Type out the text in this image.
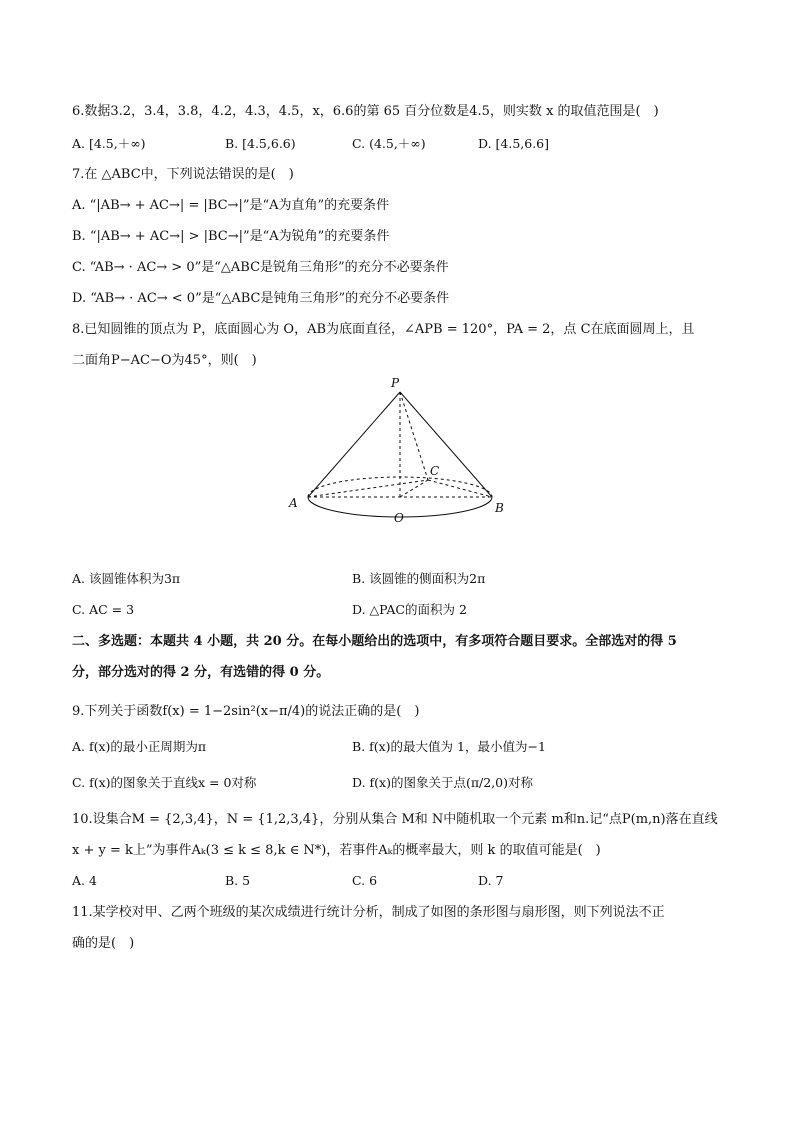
6.数据3.2，3.4，3.8，4.2，4.3，4.5，x，6.6的第 65 百分位数是4.5，则实数 x 的取值范围是(　)
A. [4.5,＋∞)	B. [4.5,6.6)	C. (4.5,＋∞)	D. [4.5,6.6]
7.在 △ABC中，下列说法错误的是(　)
A. “|AB→ + AC→| = |BC→|”是“A为直角”的充要条件
B. “|AB→ + AC→| > |BC→|”是“A为锐角”的充要条件
C. “AB→ · AC→ > 0”是“△ABC是锐角三角形”的充分不必要条件
D. “AB→ · AC→ < 0”是“△ABC是钝角三角形”的充分不必要条件
8.已知圆锥的顶点为 P，底面圆心为 O，AB为底面直径，∠APB = 120°，PA = 2，点 C在底面圆周上，且
二面角P−AC−O为45°，则(　)
P
A	B
C
O
A. 该圆锥体积为3π	B. 该圆锥的侧面积为2π
C. AC = 3	D. △PAC的面积为 2
二、多选题：本题共 4 小题，共 20 分。在每小题给出的选项中，有多项符合题目要求。全部选对的得 5
分，部分选对的得 2 分，有选错的得 0 分。
9.下列关于函数f(x) = 1−2sin²(x−π/4)的说法正确的是(　)
A. f(x)的最小正周期为π	B. f(x)的最大值为 1，最小值为−1
C. f(x)的图象关于直线x = 0对称	D. f(x)的图象关于点(π/2,0)对称
10.设集合M = {2,3,4}，N = {1,2,3,4}，分别从集合 M和 N中随机取一个元素 m和n.记“点P(m,n)落在直线
x + y = k上”为事件Aₖ(3 ≤ k ≤ 8,k ∈ N*)，若事件Aₖ的概率最大，则 k 的取值可能是(　)
A. 4	B. 5	C. 6	D. 7
11.某学校对甲、乙两个班级的某次成绩进行统计分析，制成了如图的条形图与扇形图，则下列说法不正
确的是(　)
